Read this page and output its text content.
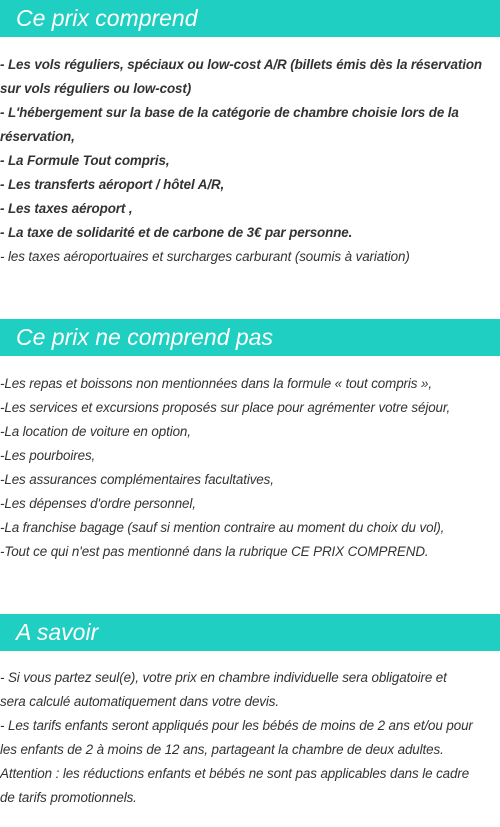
Ce prix comprend
- Les vols réguliers, spéciaux ou low-cost A/R (billets émis dès la réservation
sur vols réguliers ou low-cost)
- L'hébergement sur la base de la catégorie de chambre choisie lors de la
réservation,
- La Formule Tout compris,
- Les transferts aéroport / hôtel A/R,
- Les taxes aéroport ,
- La taxe de solidarité et de carbone de 3€ par personne.
- les taxes aéroportuaires et surcharges carburant (soumis à variation)
Ce prix ne comprend pas
-Les repas et boissons non mentionnées dans la formule « tout compris »,
-Les services et excursions proposés sur place pour agrémenter votre séjour,
-La location de voiture en option,
-Les pourboires,
-Les assurances complémentaires facultatives,
-Les dépenses d'ordre personnel,
-La franchise bagage (sauf si mention contraire au moment du choix du vol),
-Tout ce qui n'est pas mentionné dans la rubrique CE PRIX COMPREND.
A savoir
- Si vous partez seul(e), votre prix en chambre individuelle sera obligatoire et
sera calculé automatiquement dans votre devis.
- Les tarifs enfants seront appliqués pour les bébés de moins de 2 ans et/ou pour
les enfants de 2 à moins de 12 ans, partageant la chambre de deux adultes.
Attention : les réductions enfants et bébés ne sont pas applicables dans le cadre
de tarifs promotionnels.
